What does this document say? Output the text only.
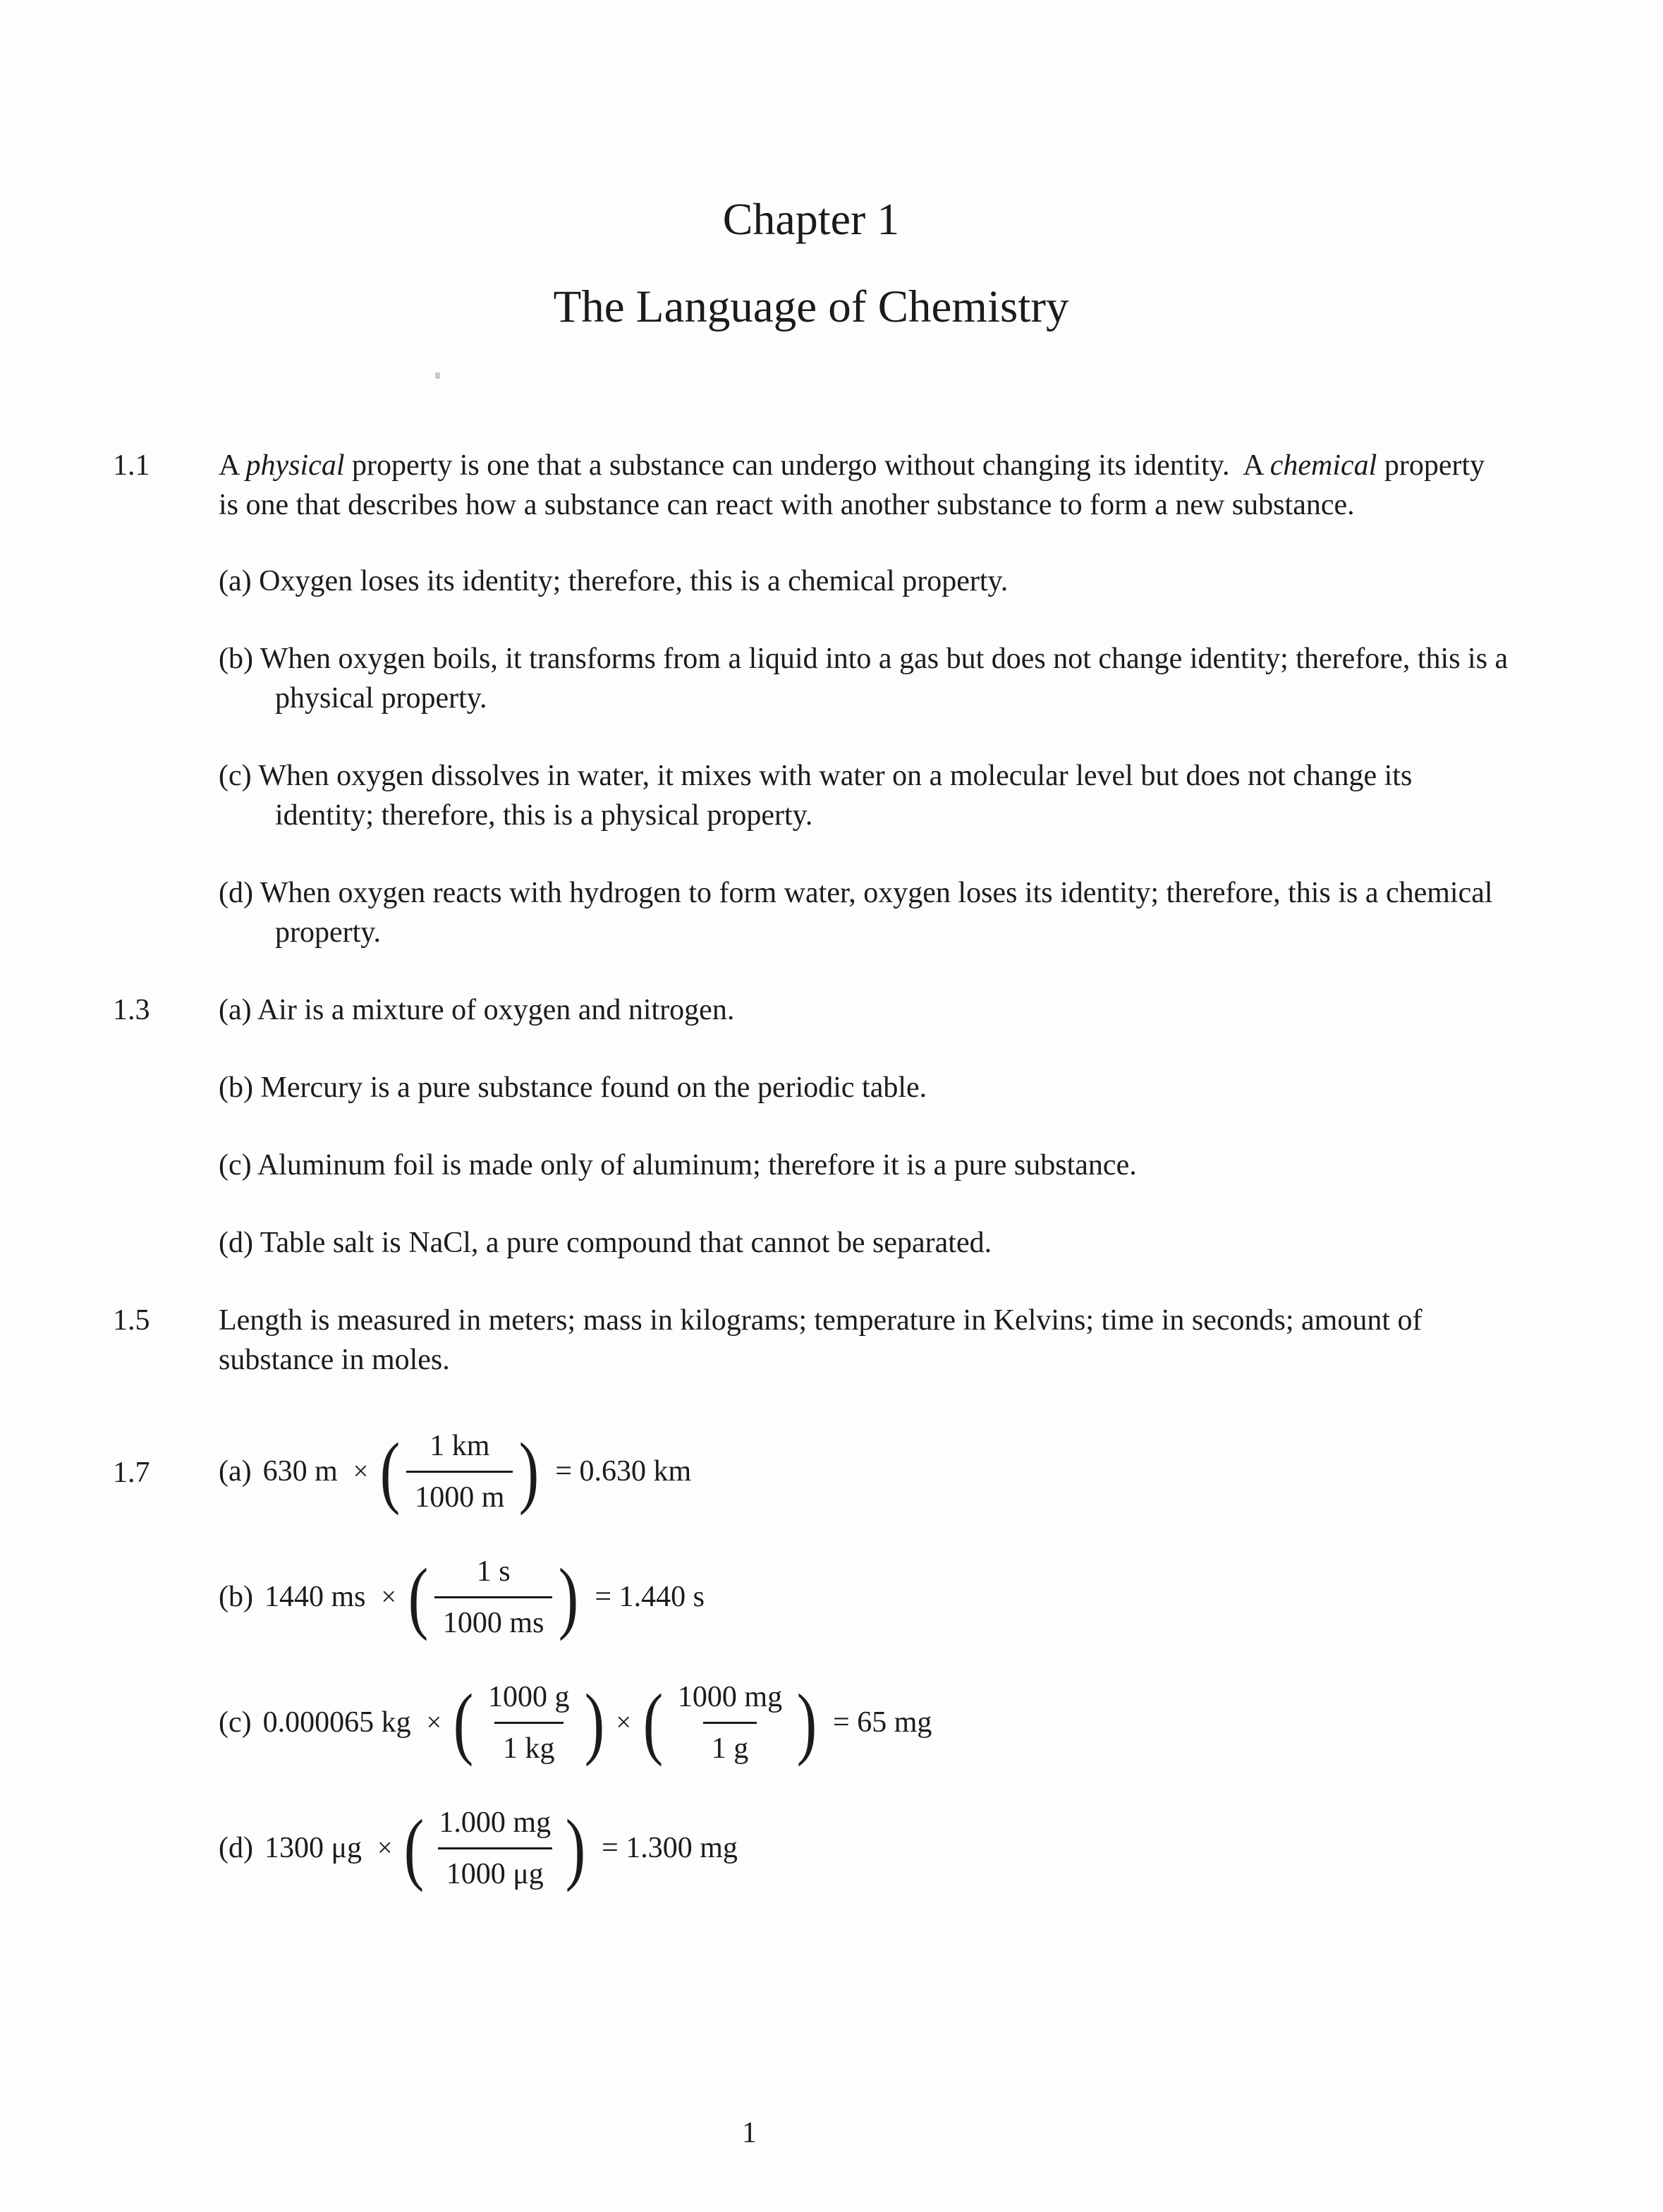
Chapter 1
The Language of Chemistry
1.1	A physical property is one that a substance can undergo without changing its identity.  A chemical property is one that describes how a substance can react with another substance to form a new substance.

(a) Oxygen loses its identity; therefore, this is a chemical property.
(b) When oxygen boils, it transforms from a liquid into a gas but does not change identity; therefore, this is a physical property.
(c) When oxygen dissolves in water, it mixes with water on a molecular level but does not change its identity; therefore, this is a physical property.
(d) When oxygen reacts with hydrogen to form water, oxygen loses its identity; therefore, this is a chemical property.
1.3	(a) Air is a mixture of oxygen and nitrogen.
(b) Mercury is a pure substance found on the periodic table.
(c) Aluminum foil is made only of aluminum; therefore it is a pure substance.
(d) Table salt is NaCl, a pure compound that cannot be separated.
1.5	Length is measured in meters; mass in kilograms; temperature in Kelvins; time in seconds; amount of substance in moles.

1.7	(a) 630 m × ( $\frac{1 km}{1000 m}$ ) = 0.630 km
(b) 1440 ms × ( $\frac{1 s}{1000 ms}$ ) = 1.440 s
(c) 0.000065 kg × ( $\frac{1000 g}{1 kg}$ ) × ( $\frac{1000 mg}{1 g}$ ) = 65 mg
(d) 1300 μg × ( $\frac{1.000 mg}{1000 \mu g}$ ) = 1.300 mg
1
